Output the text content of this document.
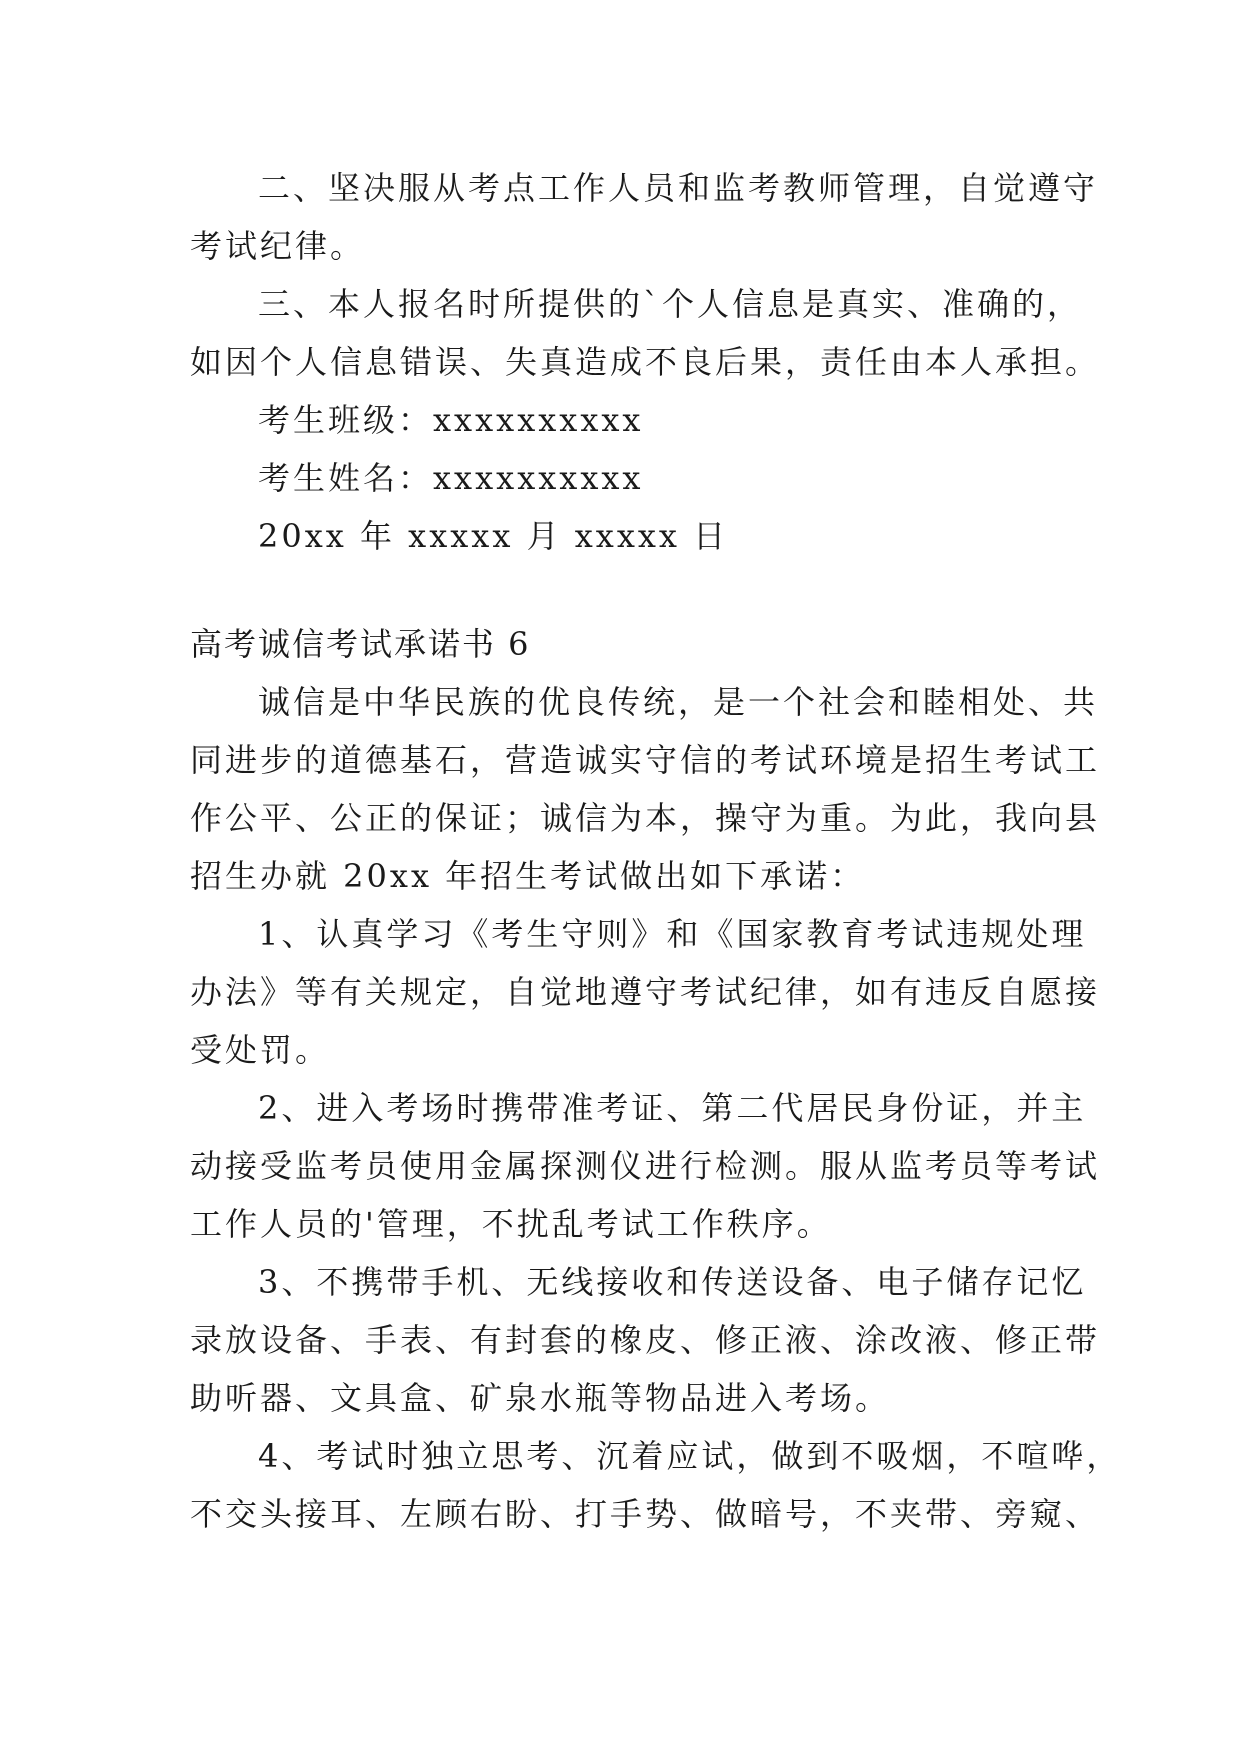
二、坚决服从考点工作人员和监考教师管理，自觉遵守
考试纪律。
三、本人报名时所提供的`个人信息是真实、准确的，
如因个人信息错误、失真造成不良后果，责任由本人承担。
考生班级：xxxxxxxxxx
考生姓名：xxxxxxxxxx
20xx 年 xxxxx 月 xxxxx 日
高考诚信考试承诺书 6
诚信是中华民族的优良传统，是一个社会和睦相处、共
同进步的道德基石，营造诚实守信的考试环境是招生考试工
作公平、公正的保证；诚信为本，操守为重。为此，我向县
招生办就 20xx 年招生考试做出如下承诺：
1、认真学习《考生守则》和《国家教育考试违规处理
办法》等有关规定，自觉地遵守考试纪律，如有违反自愿接
受处罚。
2、进入考场时携带准考证、第二代居民身份证，并主
动接受监考员使用金属探测仪进行检测。服从监考员等考试
工作人员的'管理，不扰乱考试工作秩序。
3、不携带手机、无线接收和传送设备、电子储存记忆
录放设备、手表、有封套的橡皮、修正液、涂改液、修正带
助听器、文具盒、矿泉水瓶等物品进入考场。
4、考试时独立思考、沉着应试，做到不吸烟，不喧哗，
不交头接耳、左顾右盼、打手势、做暗号，不夹带、旁窥、
